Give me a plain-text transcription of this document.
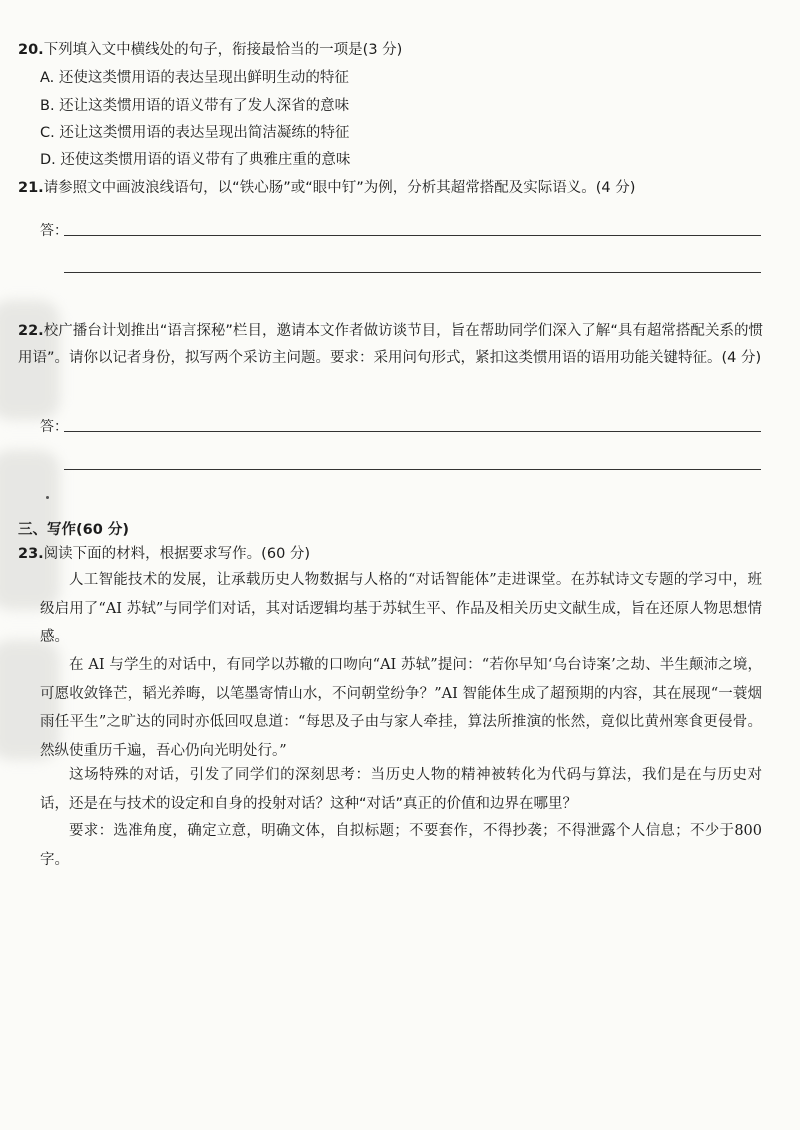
20.下列填入文中横线处的句子，衔接最恰当的一项是(3 分)
A. 还使这类惯用语的表达呈现出鲜明生动的特征
B. 还让这类惯用语的语义带有了发人深省的意味
C. 还让这类惯用语的表达呈现出简洁凝练的特征
D. 还使这类惯用语的语义带有了典雅庄重的意味
21.请参照文中画波浪线语句，以“铁心肠”或“眼中钉”为例，分析其超常搭配及实际语义。(4 分)
答：
22.校广播台计划推出“语言探秘”栏目，邀请本文作者做访谈节目，旨在帮助同学们深入了解“具有超常搭配关系的惯用语”。请你以记者身份，拟写两个采访主问题。要求：采用问句形式，紧扣这类惯用语的语用功能关键特征。(4 分)
答：
三、写作(60 分)
23.阅读下面的材料，根据要求写作。(60 分)

人工智能技术的发展，让承载历史人物数据与人格的“对话智能体”走进课堂。在苏轼诗文专题的学习中，班级启用了“AI 苏轼”与同学们对话，其对话逻辑均基于苏轼生平、作品及相关历史文献生成，旨在还原人物思想情感。

在 AI 与学生的对话中，有同学以苏辙的口吻向“AI 苏轼”提问：“若你早知‘乌台诗案’之劫、半生颠沛之境，可愿收敛锋芒，韬光养晦，以笔墨寄情山水，不问朝堂纷争？”AI 智能体生成了超预期的内容，其在展现“一蓑烟雨任平生”之旷达的同时亦低回叹息道：“每思及子由与家人牵挂，算法所推演的怅然，竟似比黄州寒食更侵骨。然纵使重历千遍，吾心仍向光明处行。”

这场特殊的对话，引发了同学们的深刻思考：当历史人物的精神被转化为代码与算法，我们是在与历史对话，还是在与技术的设定和自身的投射对话？这种“对话”真正的价值和边界在哪里？

要求：选准角度，确定立意，明确文体，自拟标题；不要套作，不得抄袭；不得泄露个人信息；不少于800 字。
